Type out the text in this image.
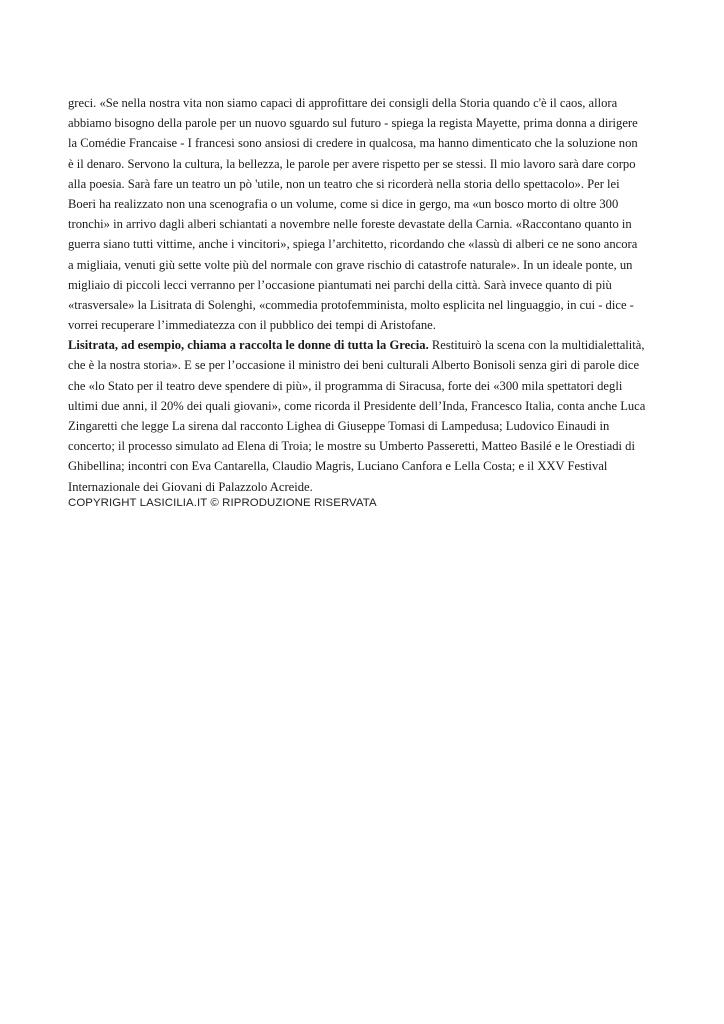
greci. «Se nella nostra vita non siamo capaci di approfittare dei consigli della Storia quando c'è il caos, allora
abbiamo bisogno della parole per un nuovo sguardo sul futuro - spiega la regista Mayette, prima donna a dirigere
la Comédie Francaise - I francesi sono ansiosi di credere in qualcosa, ma hanno dimenticato che la soluzione non
è il denaro. Servono la cultura, la bellezza, le parole per avere rispetto per se stessi. Il mio lavoro sarà dare corpo
alla poesia. Sarà fare un teatro un pò 'utile, non un teatro che si ricorderà nella storia dello spettacolo». Per lei
Boeri ha realizzato non una scenografia o un volume, come si dice in gergo, ma «un bosco morto di oltre 300
tronchi» in arrivo dagli alberi schiantati a novembre nelle foreste devastate della Carnia. «Raccontano quanto in
guerra siano tutti vittime, anche i vincitori», spiega l’architetto, ricordando che «lassù di alberi ce ne sono ancora
a migliaia, venuti giù sette volte più del normale con grave rischio di catastrofe naturale». In un ideale ponte, un
migliaio di piccoli lecci verranno per l’occasione piantumati nei parchi della città. Sarà invece quanto di più
«trasversale» la Lisitrata di Solenghi, «commedia protofemminista, molto esplicita nel linguaggio, in cui - dice -
vorrei recuperare l’immediatezza con il pubblico dei tempi di Aristofane.
Lisitrata, ad esempio, chiama a raccolta le donne di tutta la Grecia. Restituirò la scena con la multidialettalità,
che è la nostra storia». E se per l’occasione il ministro dei beni culturali Alberto Bonisoli senza giri di parole dice
che «lo Stato per il teatro deve spendere di più», il programma di Siracusa, forte dei «300 mila spettatori degli
ultimi due anni, il 20% dei quali giovani», come ricorda il Presidente dell’Inda, Francesco Italia, conta anche Luca
Zingaretti che legge La sirena dal racconto Lighea di Giuseppe Tomasi di Lampedusa; Ludovico Einaudi in
concerto; il processo simulato ad Elena di Troia; le mostre su Umberto Passeretti, Matteo Basilé e le Orestiadi di
Ghibellina; incontri con Eva Cantarella, Claudio Magris, Luciano Canfora e Lella Costa; e il XXV Festival
Internazionale dei Giovani di Palazzolo Acreide.
COPYRIGHT LASICILIA.IT © RIPRODUZIONE RISERVATA
